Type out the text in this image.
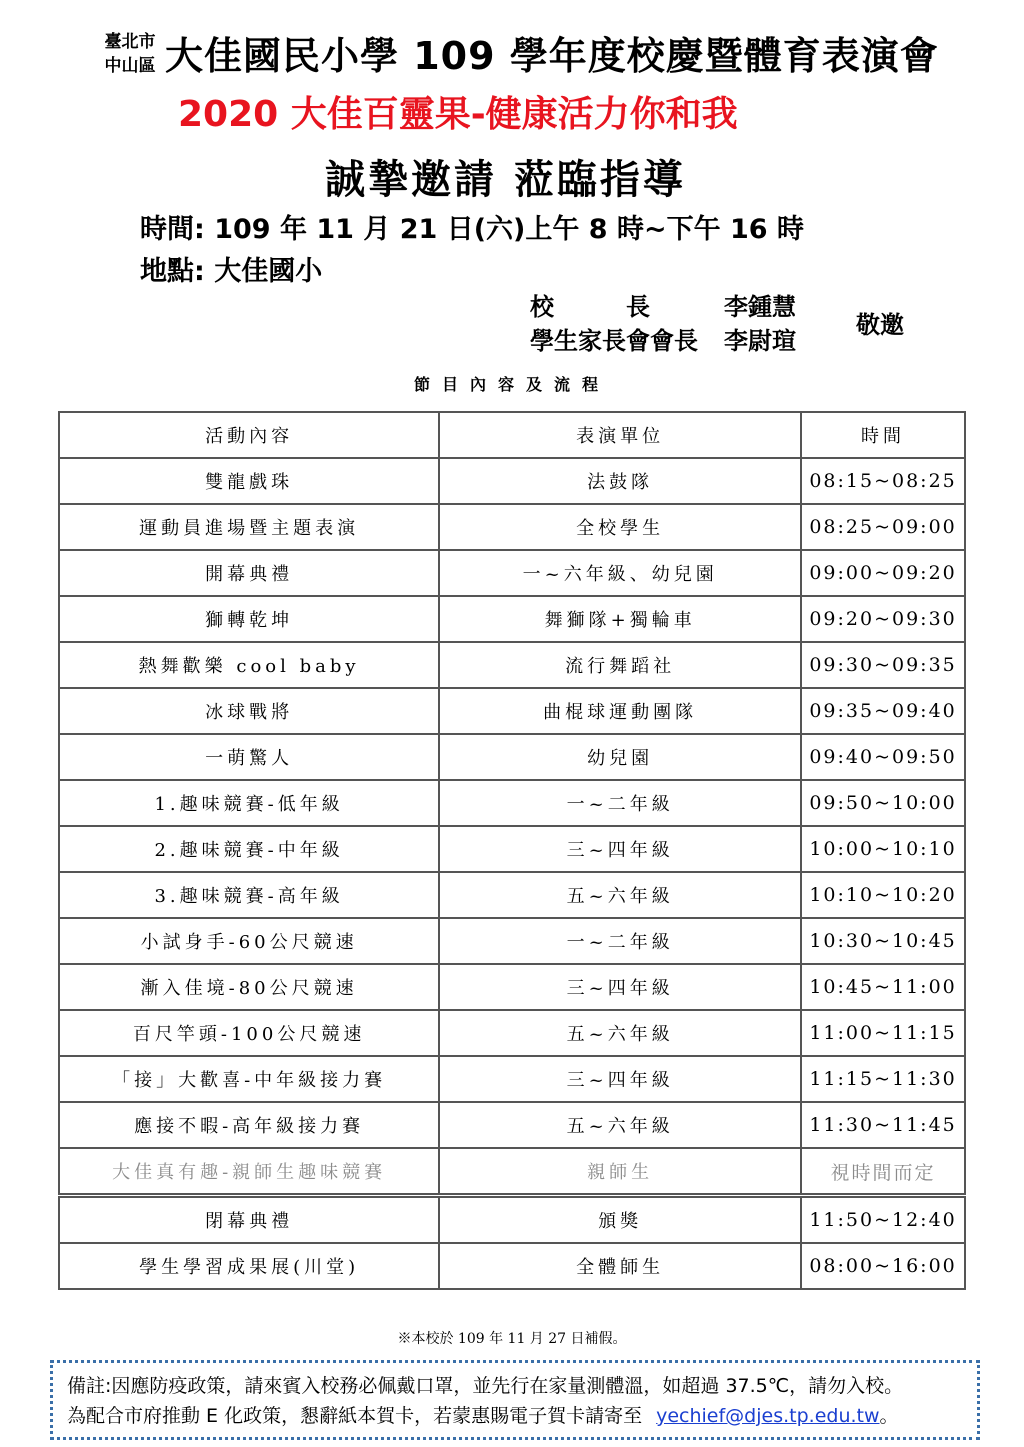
臺北市
中山區 大佳國民小學 109 學年度校慶暨體育表演會
2020 大佳百靈果-健康活力你和我
誠摯邀請 蒞臨指導
時間: 109 年 11 月 21 日(六)上午 8 時~下午 16 時
地點: 大佳國小
校　　　長	李鍾慧
學生家長會會長 李尉瑄
敬邀
節目內容及流程
活動內容	表演單位	時間
雙龍戲珠	法鼓隊	08:15~08:25
運動員進場暨主題表演	全校學生	08:25~09:00
開幕典禮	一~六年級、幼兒園	09:00~09:20
獅轉乾坤	舞獅隊+獨輪車	09:20~09:30
熱舞歡樂 cool baby	流行舞蹈社	09:30~09:35
冰球戰將	曲棍球運動團隊	09:35~09:40
一萌驚人	幼兒園	09:40~09:50
1.趣味競賽-低年級	一~二年級	09:50~10:00
2.趣味競賽-中年級	三~四年級	10:00~10:10
3.趣味競賽-高年級	五~六年級	10:10~10:20
小試身手-60公尺競速	一~二年級	10:30~10:45
漸入佳境-80公尺競速	三~四年級	10:45~11:00
百尺竿頭-100公尺競速	五~六年級	11:00~11:15
「接」大歡喜-中年級接力賽	三~四年級	11:15~11:30
應接不暇-高年級接力賽	五~六年級	11:30~11:45
大佳真有趣-親師生趣味競賽	親師生	視時間而定
閉幕典禮	頒獎	11:50~12:40
學生學習成果展(川堂)	全體師生	08:00~16:00
※本校於 109 年 11 月 27 日補假。
備註:因應防疫政策，請來賓入校務必佩戴口罩，並先行在家量測體溫，如超過 37.5℃，請勿入校。
為配合市府推動 E 化政策，懇辭紙本賀卡，若蒙惠賜電子賀卡請寄至 yechief@djes.tp.edu.tw。
